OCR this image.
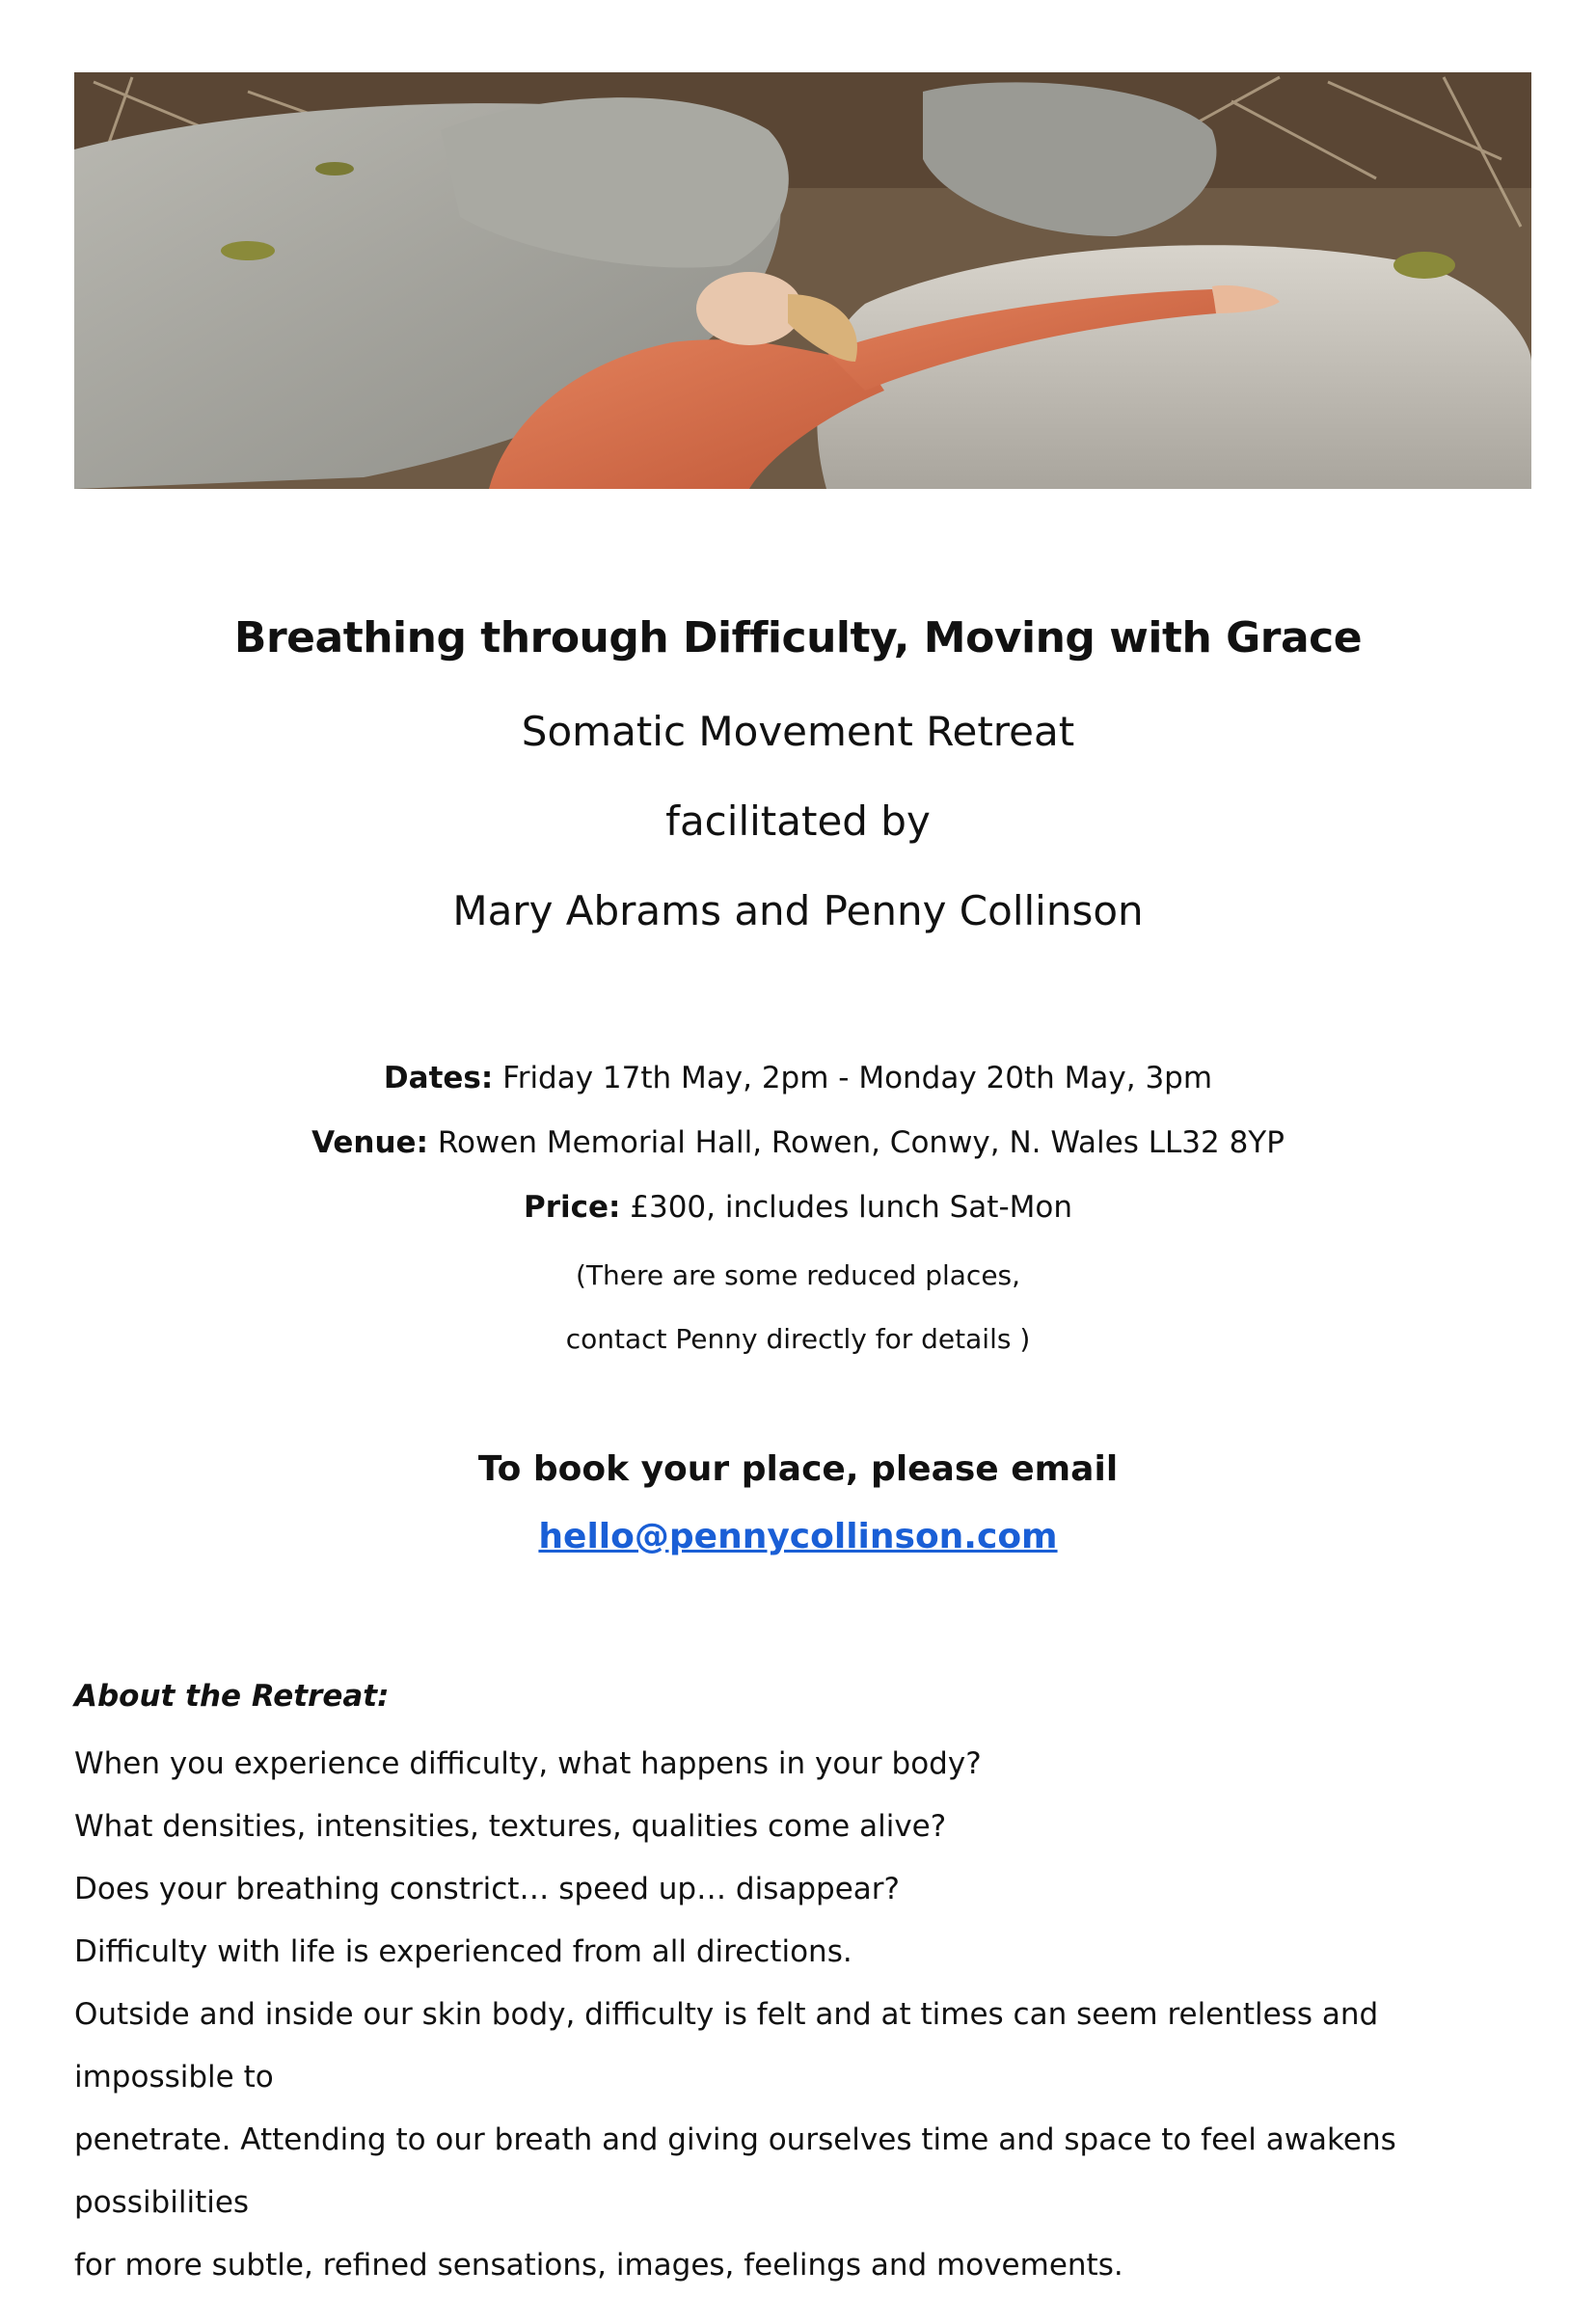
Breathing through Difficulty, Moving with Grace
Somatic Movement Retreat
facilitated by
Mary Abrams and Penny Collinson
Dates: Friday 17th May, 2pm - Monday 20th May, 3pm
Venue: Rowen Memorial Hall, Rowen, Conwy, N. Wales LL32 8YP
Price: £300, includes lunch Sat-Mon
(There are some reduced places,
contact Penny directly for details )
To book your place, please email
hello@pennycollinson.com
About the Retreat:
When you experience difficulty, what happens in your body?
What densities, intensities, textures, qualities come alive?
Does your breathing constrict… speed up… disappear?
Difficulty with life is experienced from all directions.
Outside and inside our skin body, difficulty is felt and at times can seem relentless and impossible to
penetrate. Attending to our breath and giving ourselves time and space to feel awakens possibilities
for more subtle, refined sensations, images, feelings and movements.
